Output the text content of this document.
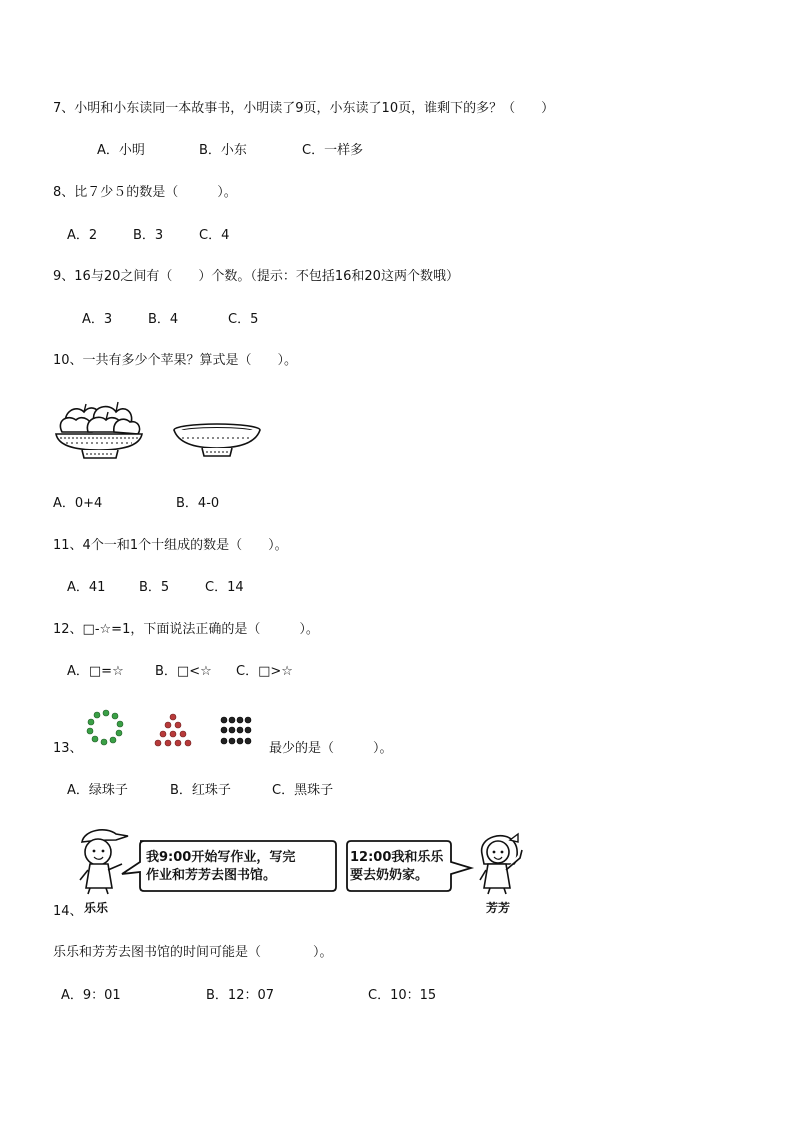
7、小明和小东读同一本故事书，小明读了9页，小东读了10页，谁剩下的多？（　　）
A．小明	B．小东	C．一样多
8、比７少５的数是（　　　）。
A．2	B．3	C．4
9、16与20之间有（　　）个数。（提示：不包括16和20这两个数哦）
A．3	B．4	C．5
10、一共有多少个苹果？算式是（　　）。
A．0+4	B．4-0
11、4个一和1个十组成的数是（　　）。
A．41	B．5	C．14
12、□-☆=1，下面说法正确的是（　　　）。
A．□=☆ B．□<☆ C．□>☆
13、	最少的是（　　　）。
A．绿珠子	B．红珠子	C．黑珠子
我9:00开始写作业，写完
作业和芳芳去图书馆。
12:00我和乐乐
要去奶奶家。
14、 乐乐	芳芳
乐乐和芳芳去图书馆的时间可能是（　　　　）。
A．9：01	B．12：07	C．10：15
